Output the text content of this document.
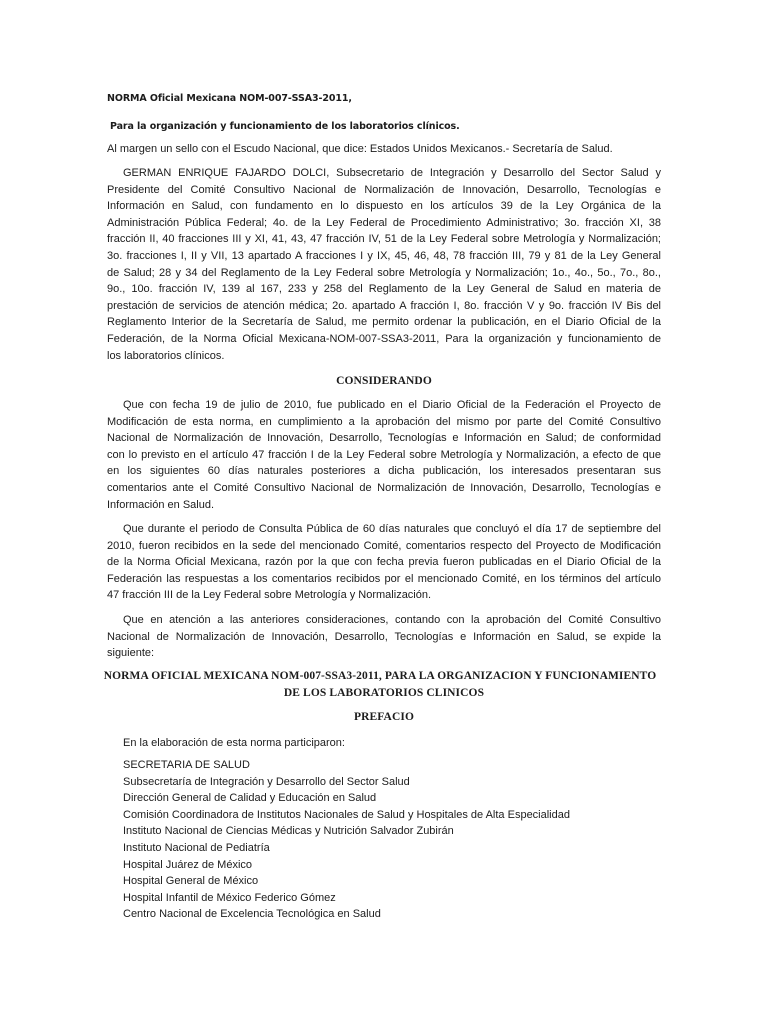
NORMA Oficial Mexicana NOM-007-SSA3-2011,
Para la organización y funcionamiento de los laboratorios clínicos.

Al margen un sello con el Escudo Nacional, que dice: Estados Unidos Mexicanos.- Secretaría de Salud.

GERMAN ENRIQUE FAJARDO DOLCI, Subsecretario de Integración y Desarrollo del Sector Salud y
Presidente del Comité Consultivo Nacional de Normalización de Innovación, Desarrollo, Tecnologías e
Información en Salud, con fundamento en lo dispuesto en los artículos 39 de la Ley Orgánica de la
Administración Pública Federal; 4o. de la Ley Federal de Procedimiento Administrativo; 3o. fracción XI, 38
fracción II, 40 fracciones III y XI, 41, 43, 47 fracción IV, 51 de la Ley Federal sobre Metrología y Normalización;
3o. fracciones I, II y VII, 13 apartado A fracciones I y IX, 45, 46, 48, 78 fracción III, 79 y 81 de la Ley General
de Salud; 28 y 34 del Reglamento de la Ley Federal sobre Metrología y Normalización; 1o., 4o., 5o., 7o., 8o.,
9o., 10o. fracción IV, 139 al 167, 233 y 258 del Reglamento de la Ley General de Salud en materia de
prestación de servicios de atención médica; 2o. apartado A fracción I, 8o. fracción V y 9o. fracción IV Bis del
Reglamento Interior de la Secretaría de Salud, me permito ordenar la publicación, en el Diario Oficial de la
Federación, de la Norma Oficial Mexicana-NOM-007-SSA3-2011, Para la organización y funcionamiento de
los laboratorios clínicos.

CONSIDERANDO

Que con fecha 19 de julio de 2010, fue publicado en el Diario Oficial de la Federación el Proyecto de
Modificación de esta norma, en cumplimiento a la aprobación del mismo por parte del Comité Consultivo
Nacional de Normalización de Innovación, Desarrollo, Tecnologías e Información en Salud; de conformidad
con lo previsto en el artículo 47 fracción I de la Ley Federal sobre Metrología y Normalización, a efecto de que
en los siguientes 60 días naturales posteriores a dicha publicación, los interesados presentaran sus
comentarios ante el Comité Consultivo Nacional de Normalización de Innovación, Desarrollo, Tecnologías e
Información en Salud.

Que durante el periodo de Consulta Pública de 60 días naturales que concluyó el día 17 de septiembre del
2010, fueron recibidos en la sede del mencionado Comité, comentarios respecto del Proyecto de Modificación
de la Norma Oficial Mexicana, razón por la que con fecha previa fueron publicadas en el Diario Oficial de la
Federación las respuestas a los comentarios recibidos por el mencionado Comité, en los términos del artículo
47 fracción III de la Ley Federal sobre Metrología y Normalización.

Que en atención a las anteriores consideraciones, contando con la aprobación del Comité Consultivo
Nacional de Normalización de Innovación, Desarrollo, Tecnologías e Información en Salud, se expide la
siguiente:

NORMA OFICIAL MEXICANA NOM-007-SSA3-2011, PARA LA ORGANIZACION Y FUNCIONAMIENTO
DE LOS LABORATORIOS CLINICOS
PREFACIO
En la elaboración de esta norma participaron:
SECRETARIA DE SALUD
Subsecretaría de Integración y Desarrollo del Sector Salud
Dirección General de Calidad y Educación en Salud
Comisión Coordinadora de Institutos Nacionales de Salud y Hospitales de Alta Especialidad
Instituto Nacional de Ciencias Médicas y Nutrición Salvador Zubirán
Instituto Nacional de Pediatría
Hospital Juárez de México
Hospital General de México
Hospital Infantil de México Federico Gómez
Centro Nacional de Excelencia Tecnológica en Salud
